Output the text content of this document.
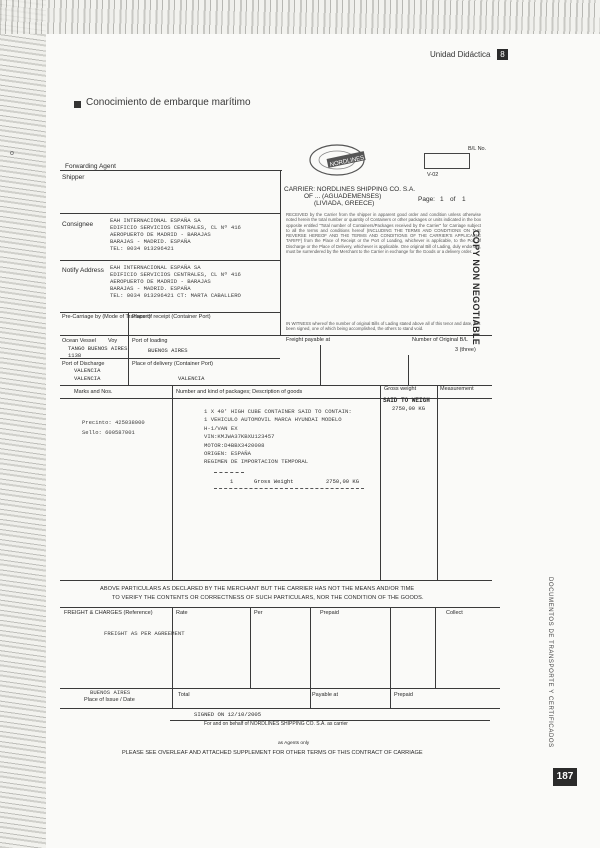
Unidad Didáctica	8
Conocimiento de embarque marítimo
o
Forwarding Agent
Shipper
NORDLINES
B/L No.
V-02
COPY NON NEGOTIABLE
CARRIER: NORDLINES SHIPPING CO. S.A.
OF ... (AGUADEMENSES)
(LIVIADA, GREECE)
Page: 1 of 1
RECEIVED by the Carrier from the shipper in apparent good order and condition unless otherwise noted herein the total number or quantity of Containers or other packages or units indicated in the box opposite entitled "Total number of Containers/Packages received by the Carrier" for Carriage subject to all the terms and conditions hereof (INCLUDING THE TERMS AND CONDITIONS ON THE REVERSE HEREOF AND THE TERMS AND CONDITIONS OF THE CARRIER'S APPLICABLE TARIFF) from the Place of Receipt or the Port of Loading, whichever is applicable, to the Port of Discharge or the Place of Delivery, whichever is applicable. One original Bill of Lading, duly endorsed, must be surrendered by the Merchant to the Carrier in exchange for the Goods or a delivery order.
IN WITNESS whereof the number of original Bills of Lading stated above all of this tenor and date, has been signed, one of which being accomplished, the others to stand void.
Consignee
EAH INTERNACIONAL ESPAÑA SA
EDIFICIO SERVICIOS CENTRALES, CL Nº 416
AEROPUERTO DE MADRID - BARAJAS
BARAJAS - MADRID. ESPAÑA
TEL: 0034 913296421
Notify Address EAH INTERNACIONAL ESPAÑA SA
EDIFICIO SERVICIOS CENTRALES, CL Nº 416
AEROPUERTO DE MADRID - BARAJAS
BARAJAS - MADRID. ESPAÑA
TEL: 0034 913296421 CT: MARTA CABALLERO
Pre-Carriage by (Mode of Transport)
Place of receipt (Container Port)
Ocean Vessel Voy
TANGO BUENOS AIRES
1138
Port of loading
BUENOS AIRES
Port of Discharge
VALENCIA
Place of delivery (Container Port)
VALENCIA
VALENCIA
Freight payable at	Number of Original B/L
3 (three)
Marks and Nos.	Number and kind of packages; Description of goods	Gross weight	Measurement
Precinto: 425038000
Sello: 600587001
1 X 40' HIGH CUBE CONTAINER SAID TO CONTAIN:
1 VEHICULO AUTOMOVIL MARCA HYUNDAI MODELO
H-1/VAN EX
VIN:KMJWA37KBXU123457
MOTOR:D4BBX3420008
ORIGEN: ESPAÑA
REGIMEN DE IMPORTACION TEMPORAL
1	Gross Weight	2750,00 KG
SAID TO WEIGH
2750,00 KG
ABOVE PARTICULARS AS DECLARED BY THE MERCHANT BUT THE CARRIER HAS NOT THE MEANS AND/OR TIME
TO VERIFY THE CONTENTS OR CORRECTNESS OF SUCH PARTICULARS, NOR THE CONDITION OF THE GOODS.
FREIGHT & CHARGES (Reference)	Rate	Per	Prepaid	Collect
FREIGHT AS PER AGREEMENT
BUENOS AIRES
Place of Issue / Date
Total	Payable at	Prepaid
SIGNED ON 12/10/2005
For and on behalf of NORDLINES SHIPPING CO. S.A. as carrier
as Agents only
PLEASE SEE OVERLEAF AND ATTACHED SUPPLEMENT FOR OTHER TERMS OF THIS CONTRACT OF CARRIAGE
DOCUMENTOS DE TRANSPORTE Y CERTIFICADOS
187
